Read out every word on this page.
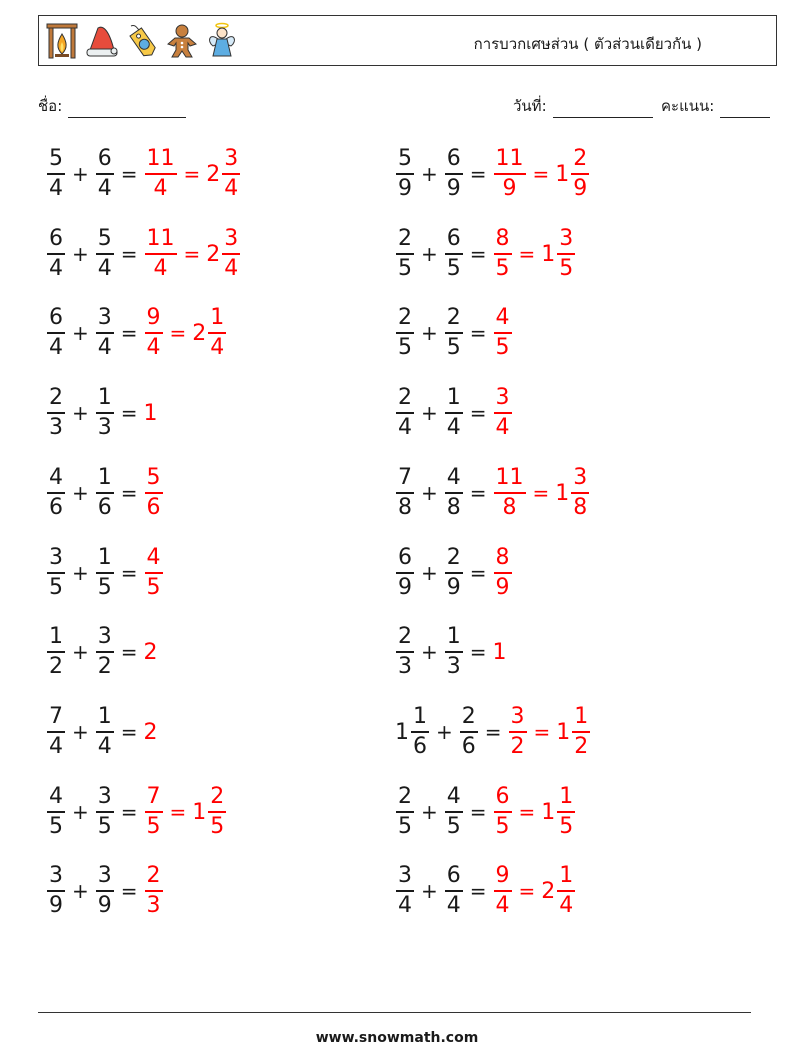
การบวกเศษส่วน ( ตัวส่วนเดียวกัน )
ชื่อ:	วันที่:	คะแนน:
$\frac{5}{4} + \frac{6}{4} = \frac{11}{4} = 2 \frac{3}{4}$	$\frac{5}{9} + \frac{6}{9} = \frac{11}{9} = 1 \frac{2}{9}$
$\frac{6}{4} + \frac{5}{4} = \frac{11}{4} = 2 \frac{3}{4}$	$\frac{2}{5} + \frac{6}{5} = \frac{8}{5} = 1 \frac{3}{5}$
$\frac{6}{4} + \frac{3}{4} = \frac{9}{4} = 2 \frac{1}{4}$	$\frac{2}{5} + \frac{2}{5} = \frac{4}{5}$
$\frac{2}{3} + \frac{1}{3} = 1$	$\frac{2}{4} + \frac{1}{4} = \frac{3}{4}$
$\frac{4}{6} + \frac{1}{6} = \frac{5}{6}$	$\frac{7}{8} + \frac{4}{8} = \frac{11}{8} = 1 \frac{3}{8}$
$\frac{3}{5} + \frac{1}{5} = \frac{4}{5}$	$\frac{6}{9} + \frac{2}{9} = \frac{8}{9}$
$\frac{1}{2} + \frac{3}{2} = 2$	$\frac{2}{3} + \frac{1}{3} = 1$
$\frac{7}{4} + \frac{1}{4} = 2$	$1 \frac{1}{6} + \frac{2}{6} = \frac{3}{2} = 1 \frac{1}{2}$
$\frac{4}{5} + \frac{3}{5} = \frac{7}{5} = 1 \frac{2}{5}$	$\frac{2}{5} + \frac{4}{5} = \frac{6}{5} = 1 \frac{1}{5}$
$\frac{3}{9} + \frac{3}{9} = \frac{2}{3}$	$\frac{3}{4} + \frac{6}{4} = \frac{9}{4} = 2 \frac{1}{4}$
www.snowmath.com
